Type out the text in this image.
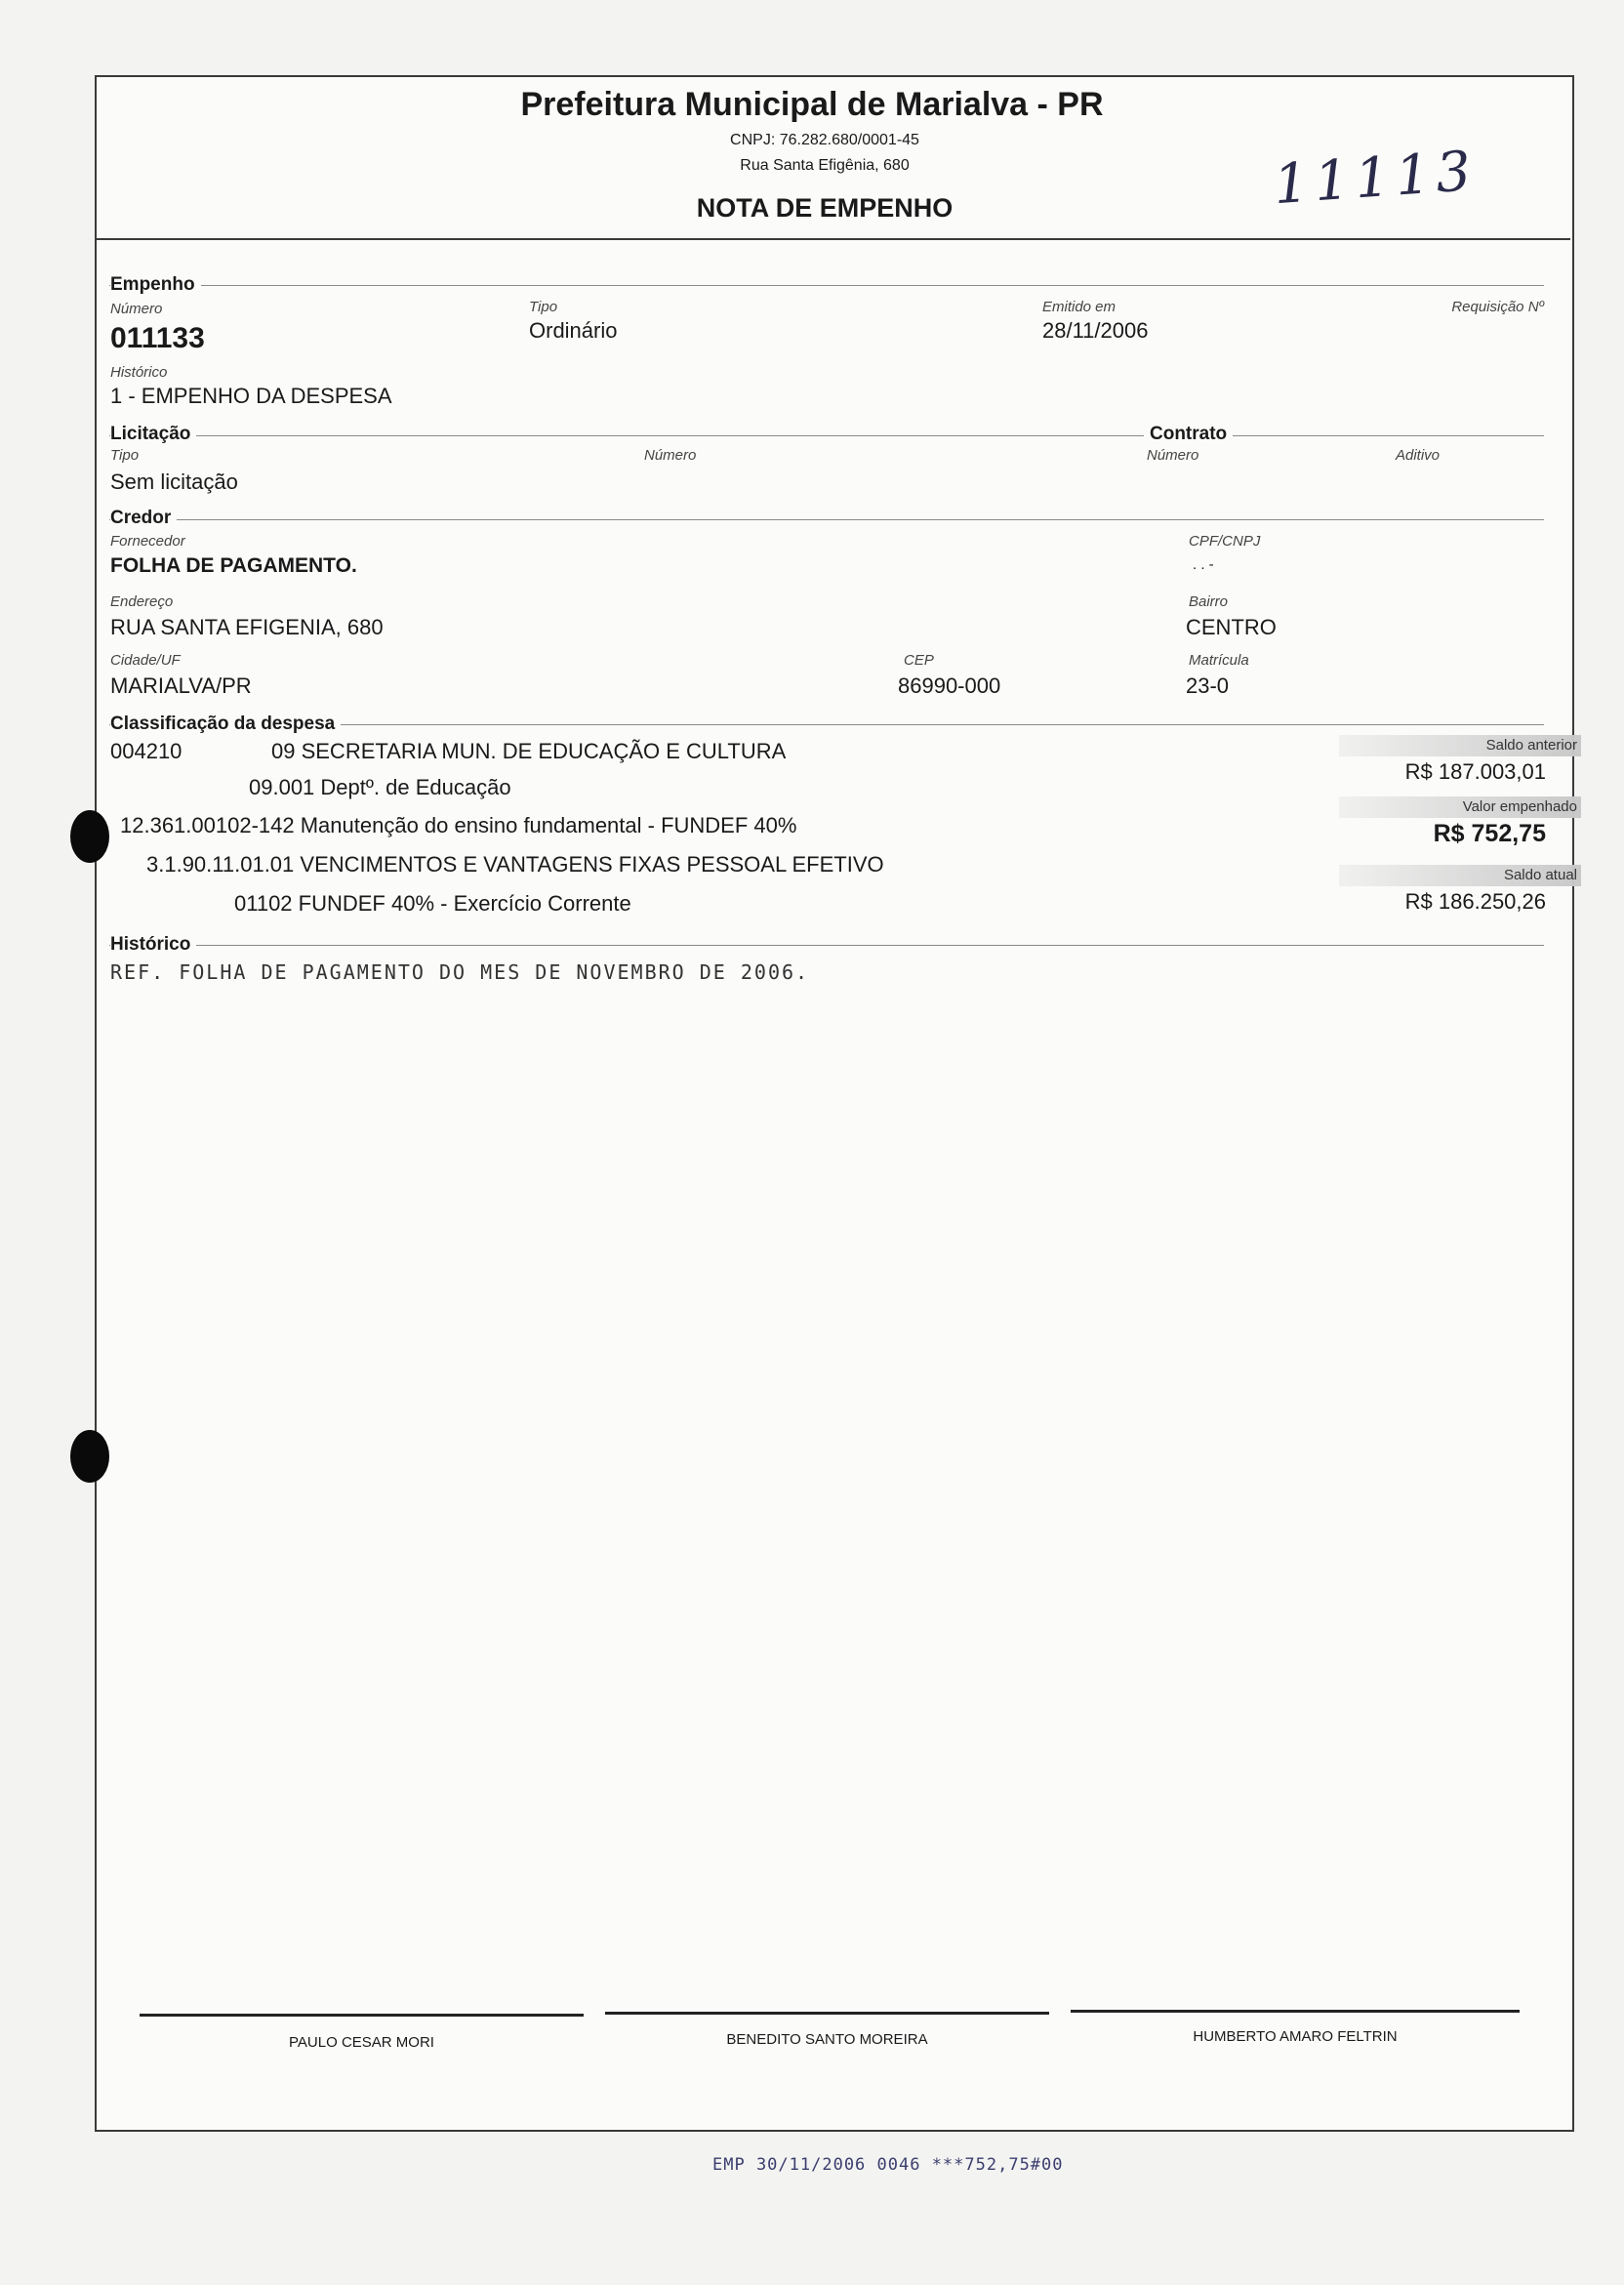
Prefeitura Municipal de Marialva - PR
CNPJ: 76.282.680/0001-45
Rua Santa Efigênia, 680
NOTA DE EMPENHO	11113
Empenho
Número
011133
Tipo
Ordinário
Emitido em
28/11/2006
Requisição Nº
Histórico
1 - EMPENHO DA DESPESA
Licitação	Contrato
Tipo
Sem licitação
Número	Número	Aditivo
Credor
Fornecedor
FOLHA DE PAGAMENTO.
CPF/CNPJ
. . -
Endereço
RUA SANTA EFIGENIA, 680
Bairro
CENTRO
Cidade/UF
MARIALVA/PR
CEP
86990-000
Matrícula
23-0
Classificação da despesa
004210	09 SECRETARIA MUN. DE EDUCAÇÃO E CULTURA
09.001 Deptº. de Educação
12.361.00102-142 Manutenção do ensino fundamental - FUNDEF 40%
3.1.90.11.01.01 VENCIMENTOS E VANTAGENS FIXAS PESSOAL EFETIVO
01102 FUNDEF 40% - Exercício Corrente
Saldo anterior
R$ 187.003,01
Valor empenhado
R$ 752,75
Saldo atual
R$ 186.250,26
Histórico
REF. FOLHA DE PAGAMENTO DO MES DE NOVEMBRO DE 2006.
PAULO CESAR MORI	BENEDITO SANTO MOREIRA	HUMBERTO AMARO FELTRIN
EMP 30/11/2006 0046 ***752,75#00
